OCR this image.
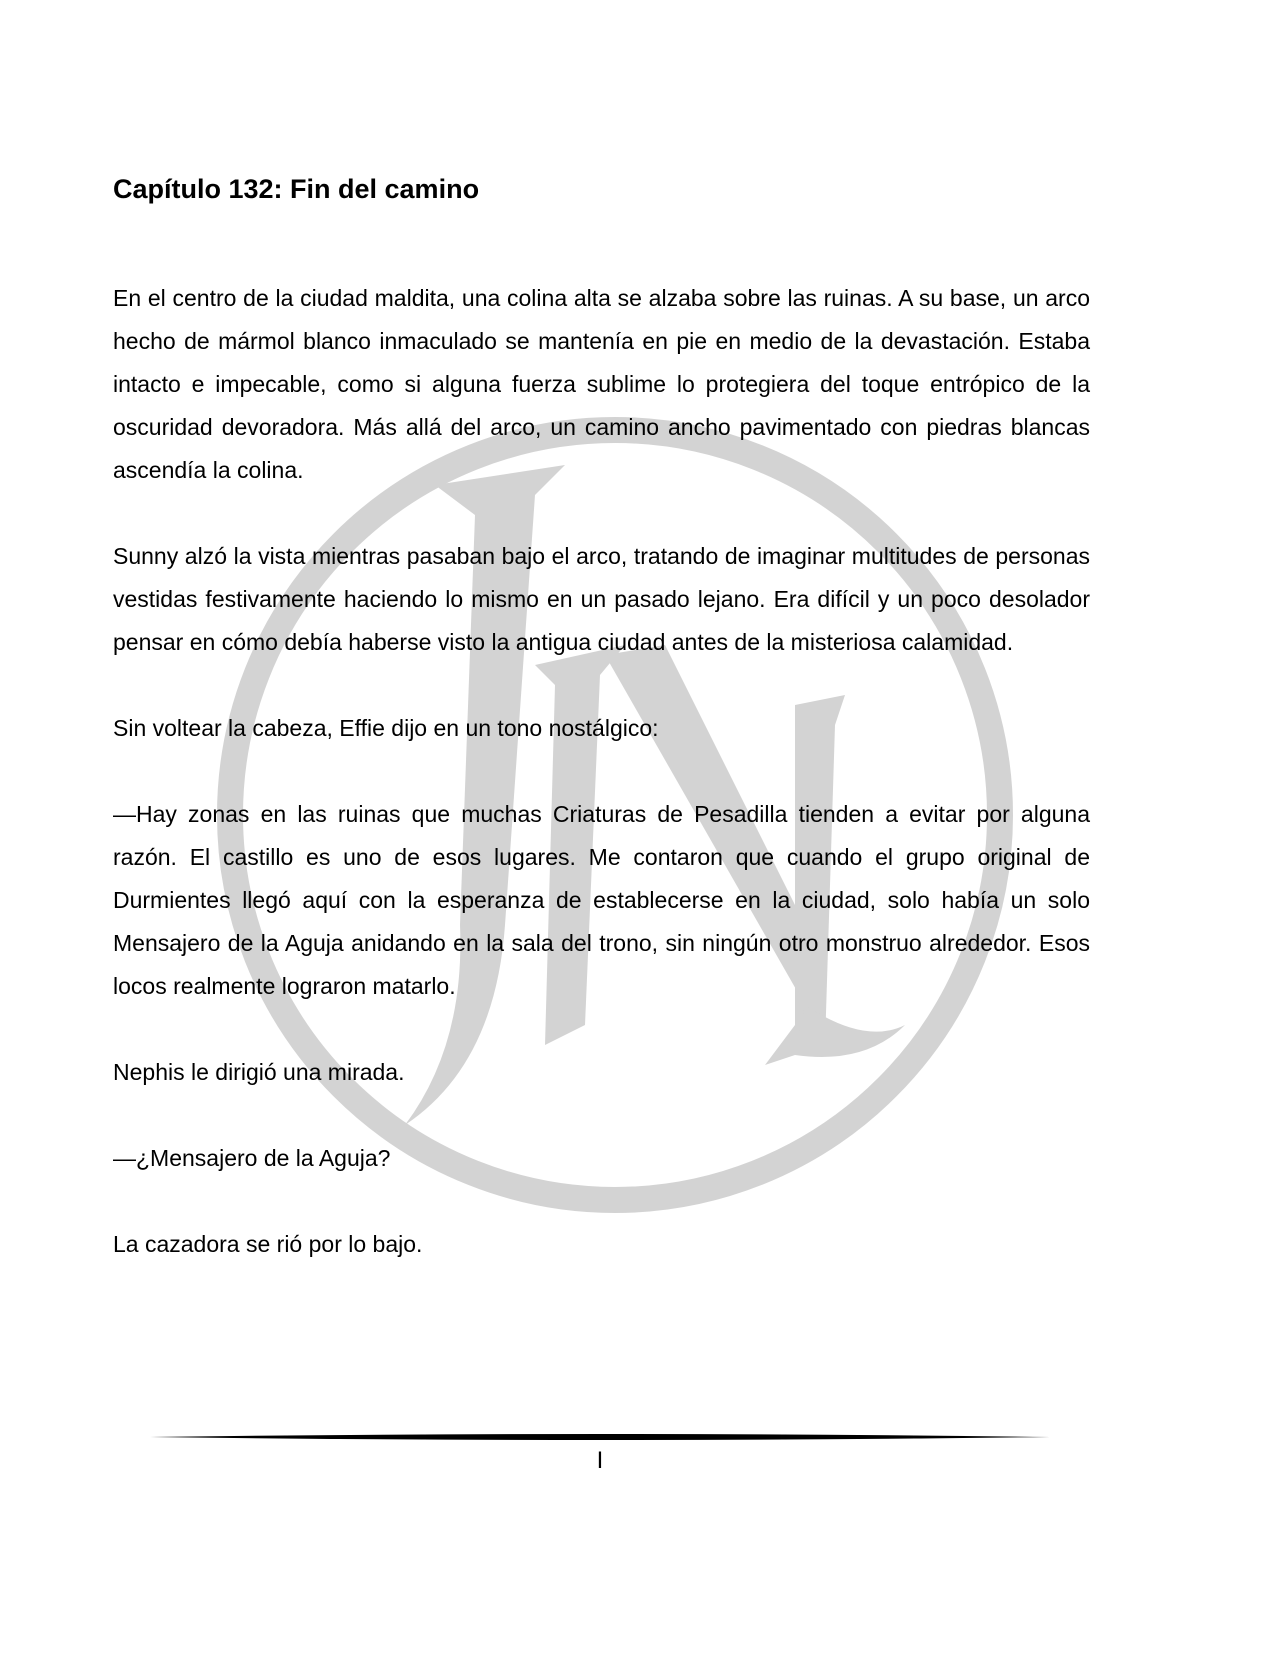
Capítulo 132: Fin del camino

En el centro de la ciudad maldita, una colina alta se alzaba sobre las ruinas. A su base, un arco hecho de mármol blanco inmaculado se mantenía en pie en medio de la devastación. Estaba intacto e impecable, como si alguna fuerza sublime lo protegiera del toque entrópico de la oscuridad devoradora. Más allá del arco, un camino ancho pavimentado con piedras blancas ascendía la colina.

Sunny alzó la vista mientras pasaban bajo el arco, tratando de imaginar multitudes de personas vestidas festivamente haciendo lo mismo en un pasado lejano. Era difícil y un poco desolador pensar en cómo debía haberse visto la antigua ciudad antes de la misteriosa calamidad.

Sin voltear la cabeza, Effie dijo en un tono nostálgico:

—Hay zonas en las ruinas que muchas Criaturas de Pesadilla tienden a evitar por alguna razón. El castillo es uno de esos lugares. Me contaron que cuando el grupo original de Durmientes llegó aquí con la esperanza de establecerse en la ciudad, solo había un solo Mensajero de la Aguja anidando en la sala del trono, sin ningún otro monstruo alrededor. Esos locos realmente lograron matarlo.

Nephis le dirigió una mirada.

—¿Mensajero de la Aguja?

La cazadora se rió por lo bajo.

I
